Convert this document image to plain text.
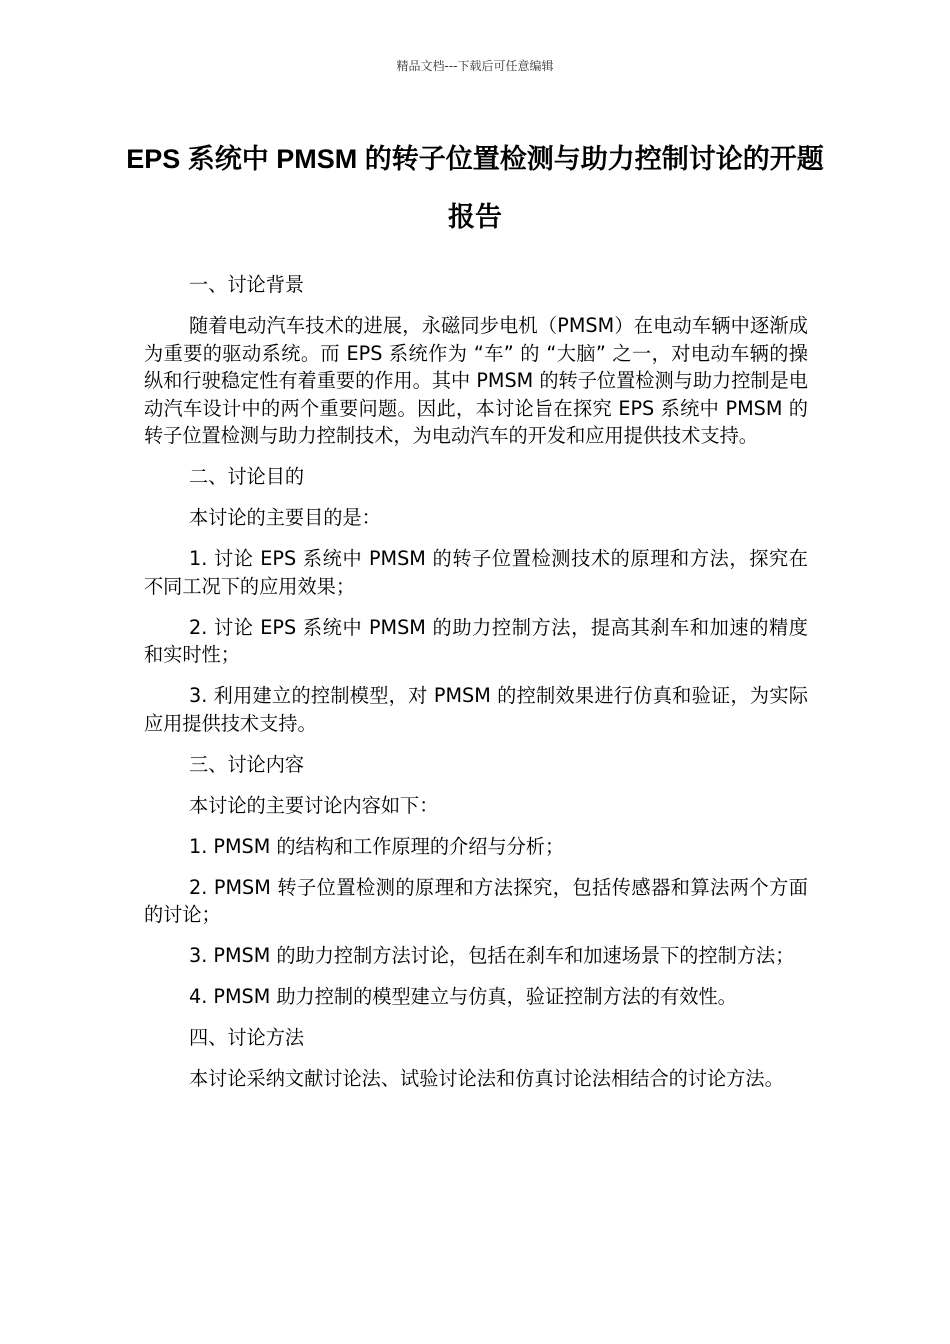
精品文档---下载后可任意编辑
EPS 系统中 PMSM 的转子位置检测与助力控制讨论的开题报告

一、讨论背景

随着电动汽车技术的进展，永磁同步电机（PMSM）在电动车辆中逐渐成为重要的驱动系统。而 EPS 系统作为 “车” 的 “大脑” 之一，对电动车辆的操纵和行驶稳定性有着重要的作用。其中 PMSM 的转子位置检测与助力控制是电动汽车设计中的两个重要问题。因此，本讨论旨在探究 EPS 系统中 PMSM 的转子位置检测与助力控制技术，为电动汽车的开发和应用提供技术支持。

二、讨论目的

本讨论的主要目的是：

1. 讨论 EPS 系统中 PMSM 的转子位置检测技术的原理和方法，探究在不同工况下的应用效果；

2. 讨论 EPS 系统中 PMSM 的助力控制方法，提高其刹车和加速的精度和实时性；

3. 利用建立的控制模型，对 PMSM 的控制效果进行仿真和验证，为实际应用提供技术支持。

三、讨论内容

本讨论的主要讨论内容如下：

1. PMSM 的结构和工作原理的介绍与分析；

2. PMSM 转子位置检测的原理和方法探究，包括传感器和算法两个方面的讨论；

3. PMSM 的助力控制方法讨论，包括在刹车和加速场景下的控制方法；

4. PMSM 助力控制的模型建立与仿真，验证控制方法的有效性。

四、讨论方法

本讨论采纳文献讨论法、试验讨论法和仿真讨论法相结合的讨论方法。
